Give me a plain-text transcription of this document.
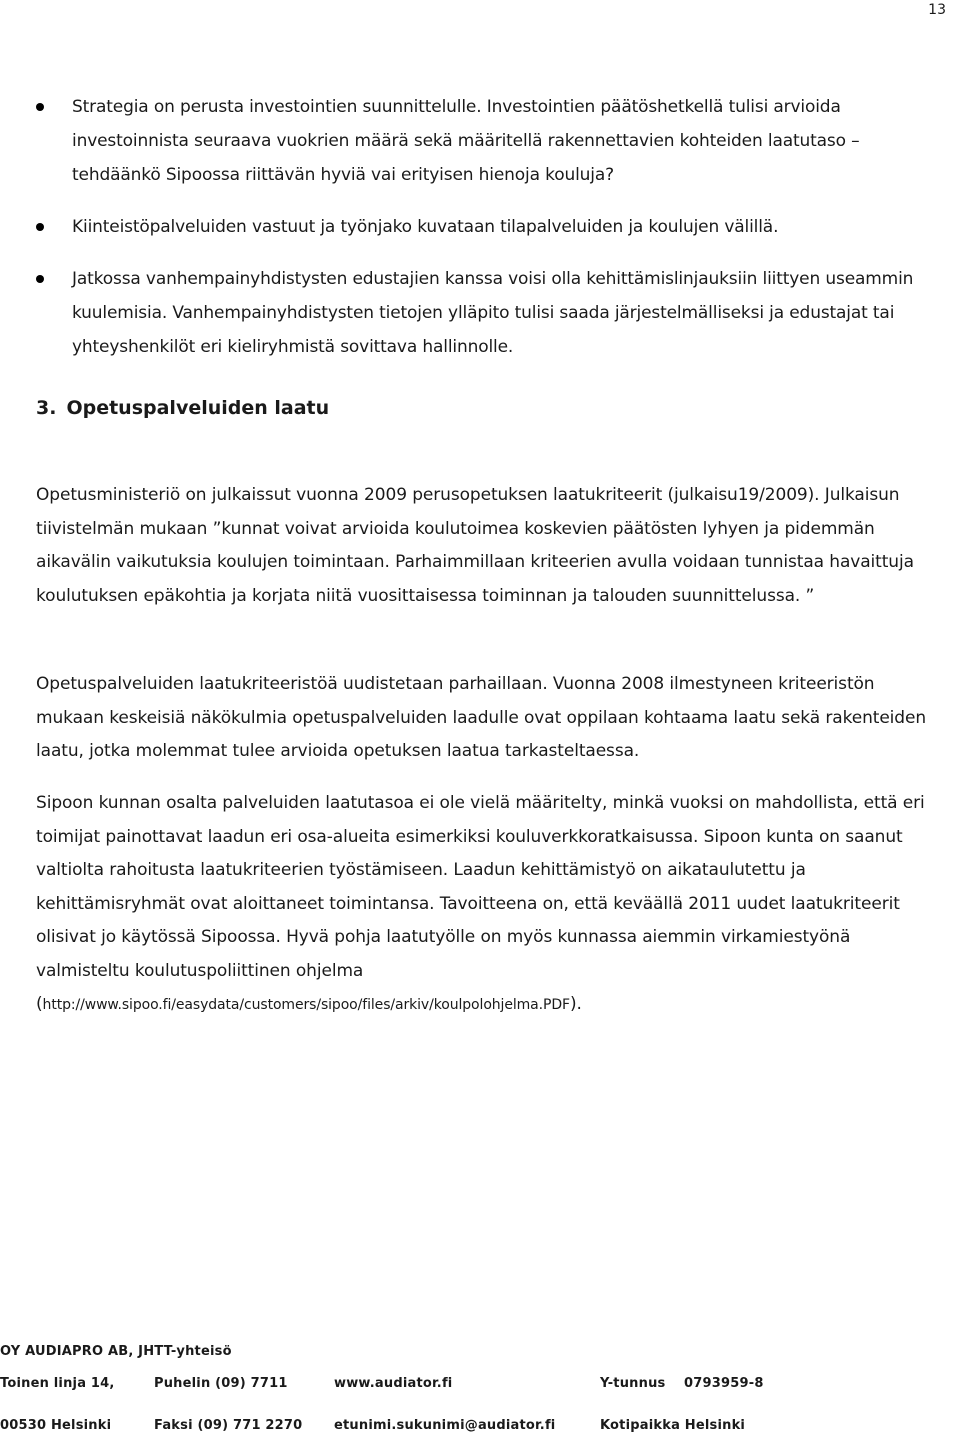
13
Strategia on perusta investointien suunnittelulle. Investointien päätöshetkellä tulisi arvioida investoinnista seuraava vuokrien määrä sekä määritellä rakennettavien kohteiden laatutaso – tehdäänkö Sipoossa riittävän hyviä vai erityisen hienoja kouluja?
Kiinteistöpalveluiden vastuut ja työnjako kuvataan tilapalveluiden ja koulujen välillä.
Jatkossa vanhempainyhdistysten edustajien kanssa voisi olla kehittämislinjauksiin liittyen useammin kuulemisia. Vanhempainyhdistysten tietojen ylläpito tulisi saada järjestelmälliseksi ja edustajat tai yhteyshenkilöt eri kieliryhmistä sovittava hallinnolle.
3. Opetuspalveluiden laatu

Opetusministeriö on julkaissut vuonna 2009 perusopetuksen laatukriteerit (julkaisu19/2009). Julkaisun tiivistelmän mukaan ”kunnat voivat arvioida koulutoimea koskevien päätösten lyhyen ja pidemmän aikavälin vaikutuksia koulujen toimintaan. Parhaimmillaan kriteerien avulla voidaan tunnistaa havaittuja koulutuksen epäkohtia ja korjata niitä vuosittaisessa toiminnan ja talouden suunnittelussa. ”

Opetuspalveluiden laatukriteeristöä uudistetaan parhaillaan. Vuonna 2008 ilmestyneen kriteeristön mukaan keskeisiä näkökulmia opetuspalveluiden laadulle ovat oppilaan kohtaama laatu sekä rakenteiden laatu, jotka molemmat tulee arvioida opetuksen laatua tarkasteltaessa.

Sipoon kunnan osalta palveluiden laatutasoa ei ole vielä määritelty, minkä vuoksi on mahdollista, että eri toimijat painottavat laadun eri osa-alueita esimerkiksi kouluverkkoratkaisussa. Sipoon kunta on saanut valtiolta rahoitusta laatukriteerien työstämiseen. Laadun kehittämistyö on aikataulutettu ja kehittämisryhmät ovat aloittaneet toimintansa. Tavoitteena on, että keväällä 2011 uudet laatukriteerit olisivat jo käytössä Sipoossa. Hyvä pohja laatutyölle on myös kunnassa aiemmin virkamiestyönä valmisteltu koulutuspoliittinen ohjelma
(http://www.sipoo.fi/easydata/customers/sipoo/files/arkiv/koulpolohjelma.PDF).

OY AUDIAPRO AB, JHTT-yhteisö
Toinen linja 14,	Puhelin (09) 7711	www.audiator.fi	Y-tunnus 0793959-8
00530 Helsinki	Faksi (09) 771 2270 etunimi.sukunimi@audiator.fi	Kotipaikka Helsinki
